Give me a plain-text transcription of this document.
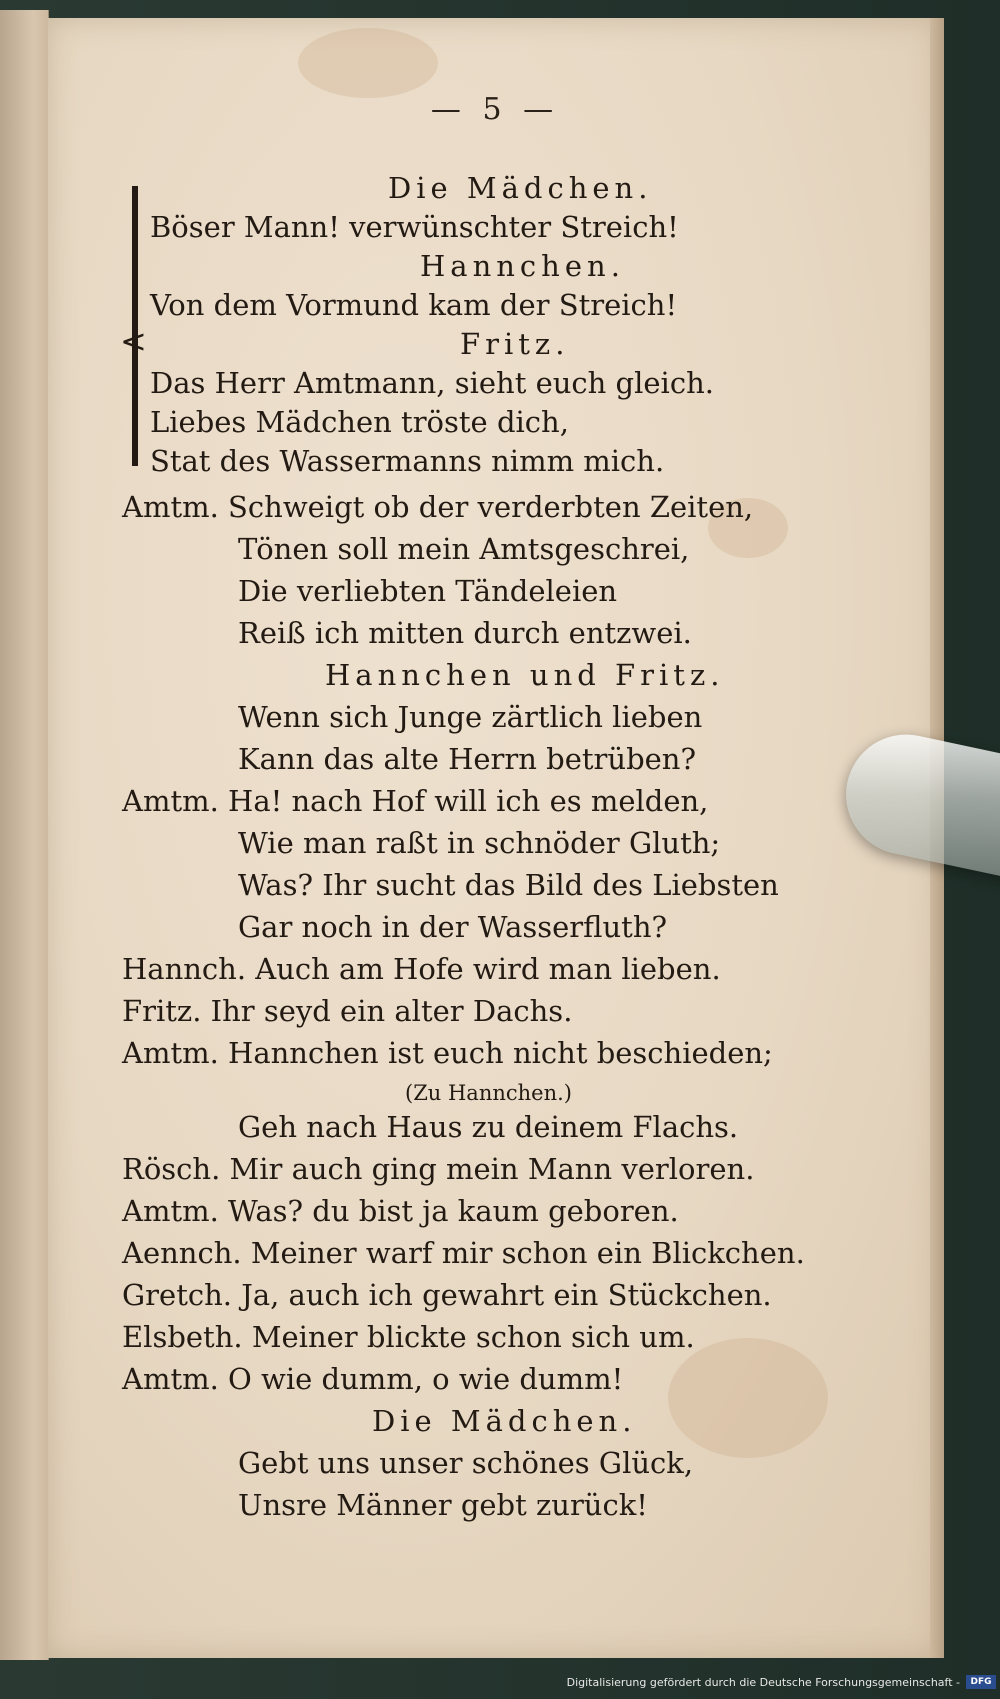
— 5 —
<
Die Mädchen.
Böser Mann! verwünschter Streich!
Hannchen.
Von dem Vormund kam der Streich!
Fritz.
Das Herr Amtmann, sieht euch gleich.
Liebes Mädchen tröste dich,
Stat des Wassermanns nimm mich.
Amtm. Schweigt ob der verderbten Zeiten,
Tönen soll mein Amtsgeschrei,
Die verliebten Tändeleien
Reiß ich mitten durch entzwei.
Hannchen und Fritz.
Wenn sich Junge zärtlich lieben
Kann das alte Herrn betrüben?
Amtm. Ha! nach Hof will ich es melden,
Wie man raßt in schnöder Gluth;
Was? Ihr sucht das Bild des Liebsten
Gar noch in der Wasserfluth?
Hannch. Auch am Hofe wird man lieben.
Fritz. Ihr seyd ein alter Dachs.
Amtm. Hannchen ist euch nicht beschieden;
(Zu Hannchen.)
Geh nach Haus zu deinem Flachs.
Rösch. Mir auch ging mein Mann verloren.
Amtm. Was? du bist ja kaum geboren.
Aennch. Meiner warf mir schon ein Blickchen.
Gretch. Ja, auch ich gewahrt ein Stückchen.
Elsbeth. Meiner blickte schon sich um.
Amtm. O wie dumm, o wie dumm!
Die Mädchen.
Gebt uns unser schönes Glück,
Unsre Männer gebt zurück!
Digitalisierung gefördert durch die Deutsche Forschungsgemeinschaft -	DFG
